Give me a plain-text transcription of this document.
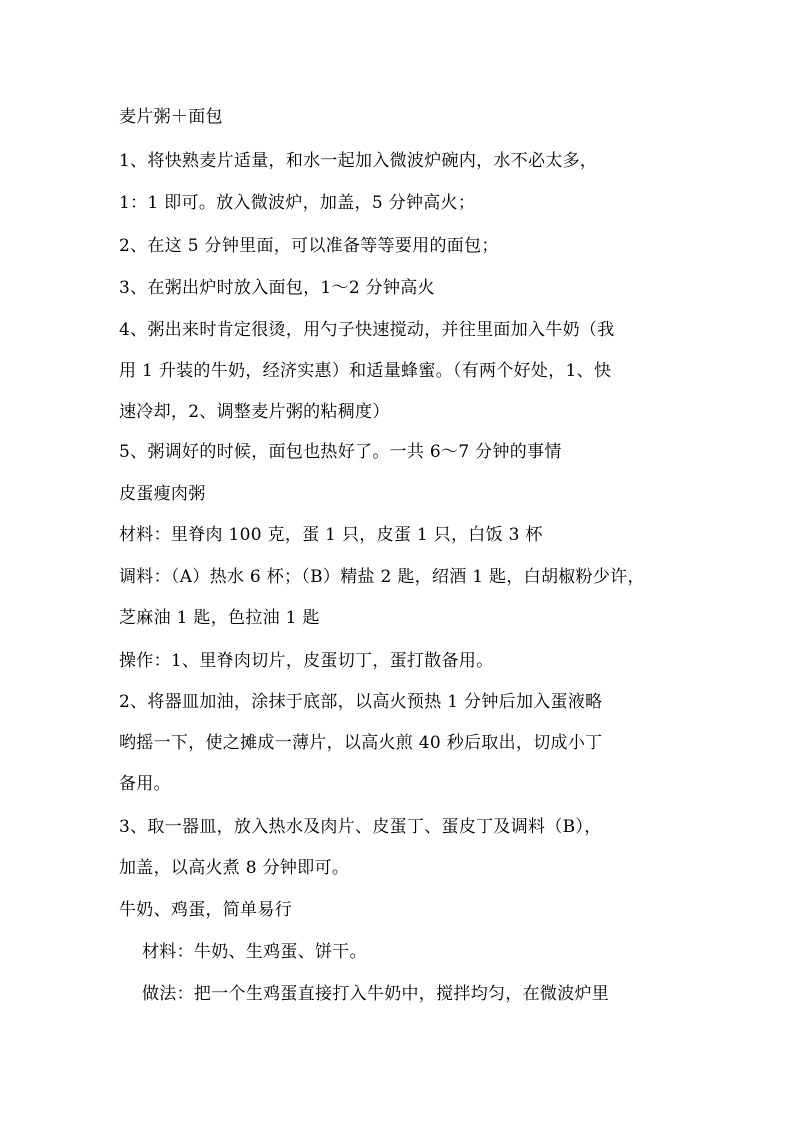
麦片粥＋面包
1、将快熟麦片适量，和水一起加入微波炉碗内，水不必太多，
1：1 即可。放入微波炉，加盖，5 分钟高火；
2、在这 5 分钟里面，可以准备等等要用的面包；
3、在粥出炉时放入面包，1～2 分钟高火
4、粥出来时肯定很烫，用勺子快速搅动，并往里面加入牛奶（我
用 1 升装的牛奶，经济实惠）和适量蜂蜜。（有两个好处，1、快
速冷却，2、调整麦片粥的粘稠度）
5、粥调好的时候，面包也热好了。一共 6～7 分钟的事情
皮蛋瘦肉粥
材料：里脊肉 100 克，蛋 1 只，皮蛋 1 只，白饭 3 杯
调料：（A）热水 6 杯；（B）精盐 2 匙，绍酒 1 匙，白胡椒粉少许，
芝麻油 1 匙，色拉油 1 匙
操作：1、里脊肉切片，皮蛋切丁，蛋打散备用。
2、将器皿加油，涂抹于底部，以高火预热 1 分钟后加入蛋液略
哟摇一下，使之摊成一薄片，以高火煎 40 秒后取出，切成小丁
备用。
3、取一器皿，放入热水及肉片、皮蛋丁、蛋皮丁及调料（B），
加盖，以高火煮 8 分钟即可。
牛奶、鸡蛋，简单易行
材料：牛奶、生鸡蛋、饼干。
做法：把一个生鸡蛋直接打入牛奶中，搅拌均匀，在微波炉里
